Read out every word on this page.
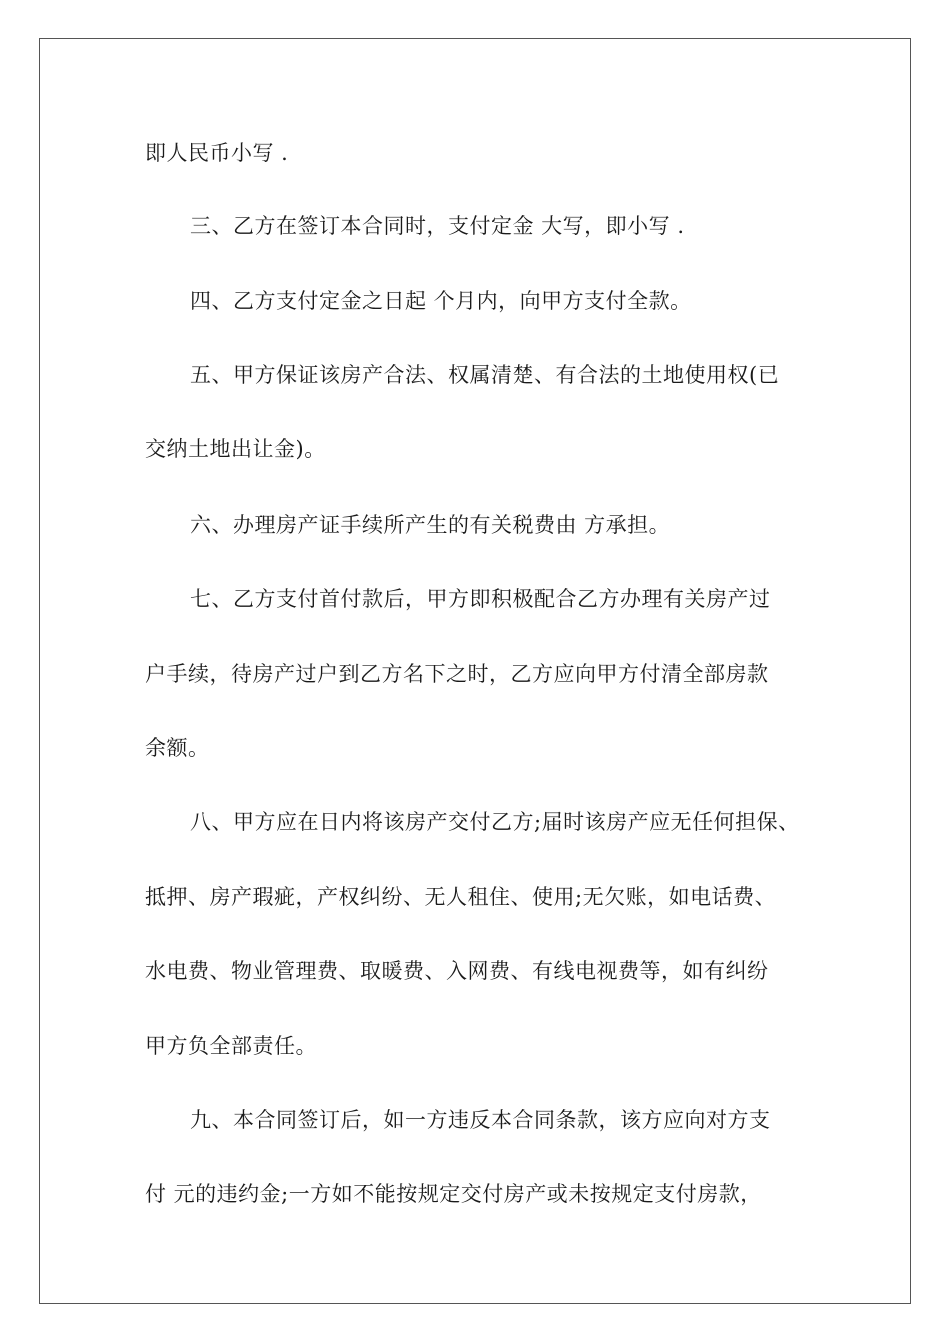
即人民币小写 .
三、乙方在签订本合同时，支付定金 大写，即小写 .
四、乙方支付定金之日起 个月内，向甲方支付全款。
五、甲方保证该房产合法、权属清楚、有合法的土地使用权(已
交纳土地出让金)。
六、办理房产证手续所产生的有关税费由 方承担。
七、乙方支付首付款后，甲方即积极配合乙方办理有关房产过
户手续，待房产过户到乙方名下之时，乙方应向甲方付清全部房款
余额。
八、甲方应在日内将该房产交付乙方;届时该房产应无任何担保、
抵押、房产瑕疵，产权纠纷、无人租住、使用;无欠账，如电话费、
水电费、物业管理费、取暖费、入网费、有线电视费等，如有纠纷
甲方负全部责任。
九、本合同签订后，如一方违反本合同条款，该方应向对方支
付 元的违约金;一方如不能按规定交付房产或未按规定支付房款，
